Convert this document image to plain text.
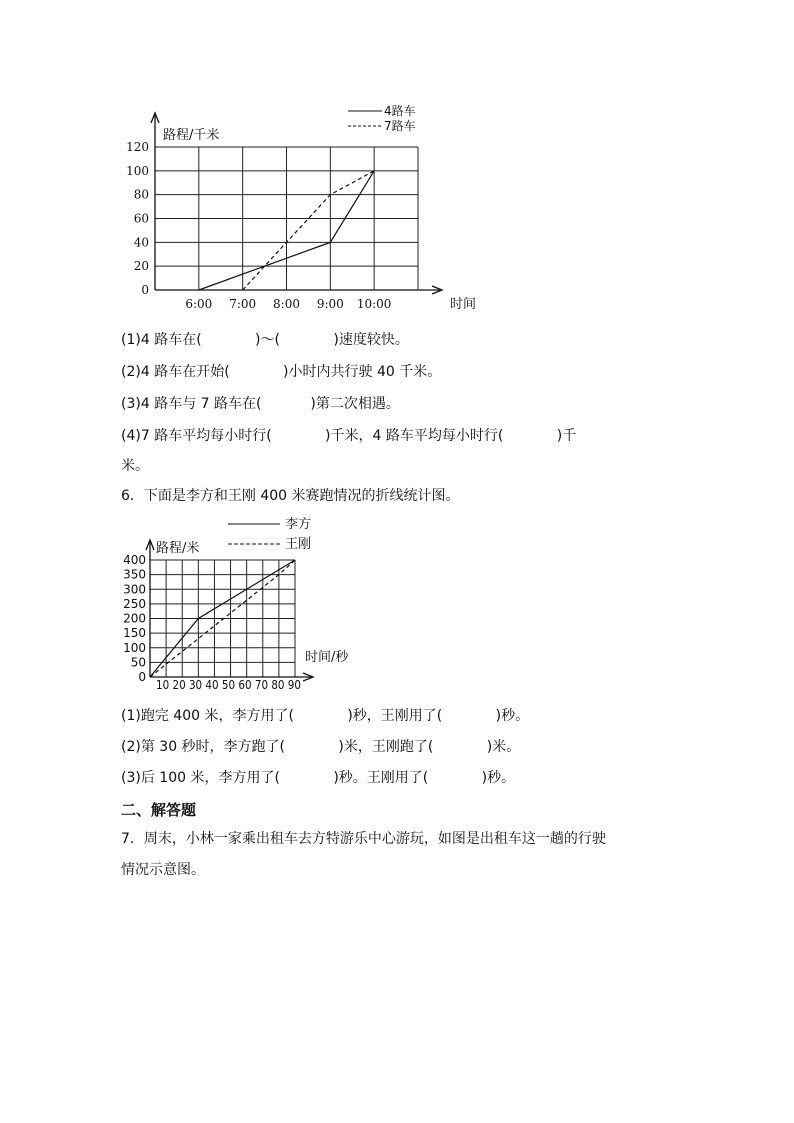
0
20
40
60
80
100
120
6:00 7:00 8:00 9:00 10:00
路程/千米
时间
4路车
7路车
(1)4 路车在(            )～(            )速度较快。
(2)4 路车在开始(            )小时内共行驶 40 千米。
(3)4 路车与 7 路车在(           )第二次相遇。
(4)7 路车平均每小时行(            )千米，4 路车平均每小时行(            )千
米。
6．下面是李方和王刚 400 米赛跑情况的折线统计图。
0
50
100
150
200
250
300
350
400
10 20 30 40 50 60 70 80 90
路程/米
时间/秒
李方
王刚
(1)跑完 400 米，李方用了(            )秒，王刚用了(            )秒。
(2)第 30 秒时，李方跑了(            )米，王刚跑了(            )米。
(3)后 100 米，李方用了(            )秒。王刚用了(            )秒。
二、解答题
7．周末，小林一家乘出租车去方特游乐中心游玩，如图是出租车这一趟的行驶
情况示意图。
